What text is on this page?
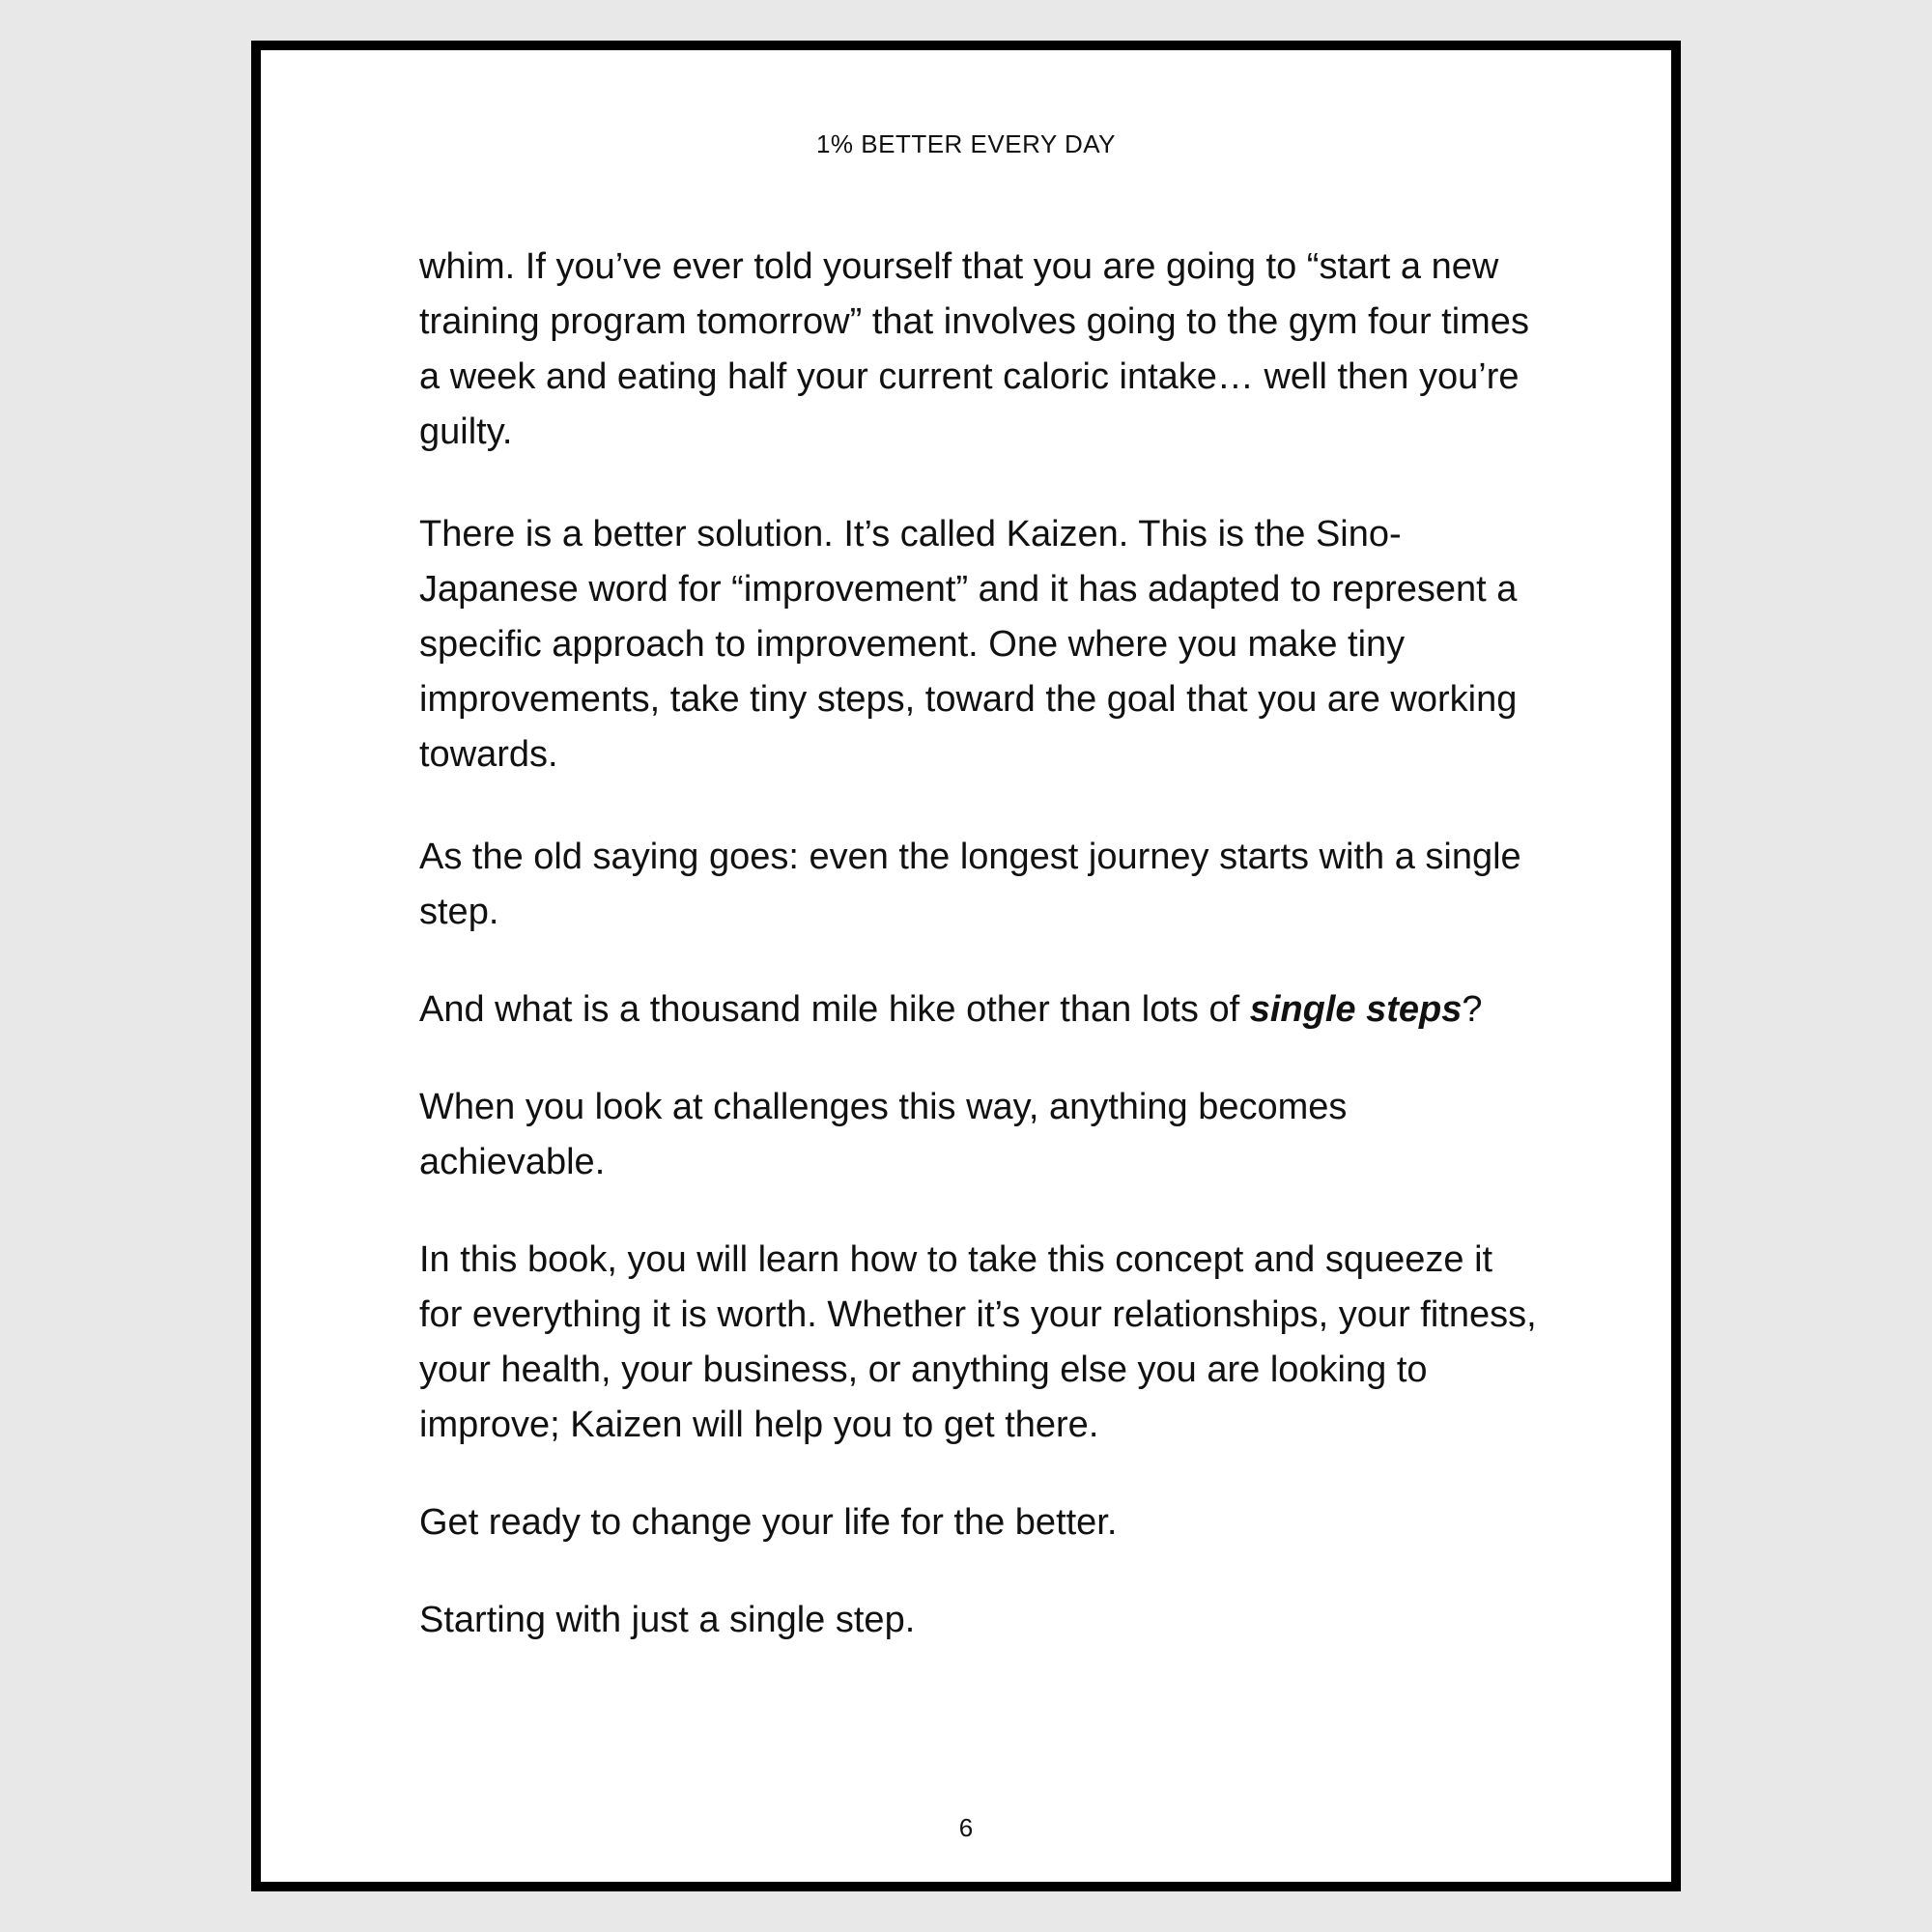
1% BETTER EVERY DAY

whim. If you’ve ever told yourself that you are going to “start a new training program tomorrow” that involves going to the gym four times a week and eating half your current caloric intake… well then you’re guilty.

There is a better solution. It’s called Kaizen. This is the Sino-Japanese word for “improvement” and it has adapted to represent a specific approach to improvement. One where you make tiny improvements, take tiny steps, toward the goal that you are working towards.

As the old saying goes: even the longest journey starts with a single step.

And what is a thousand mile hike other than lots of single steps?

When you look at challenges this way, anything becomes achievable.

In this book, you will learn how to take this concept and squeeze it for everything it is worth. Whether it’s your relationships, your fitness, your health, your business, or anything else you are looking to improve; Kaizen will help you to get there.

Get ready to change your life for the better.

Starting with just a single step.

6
